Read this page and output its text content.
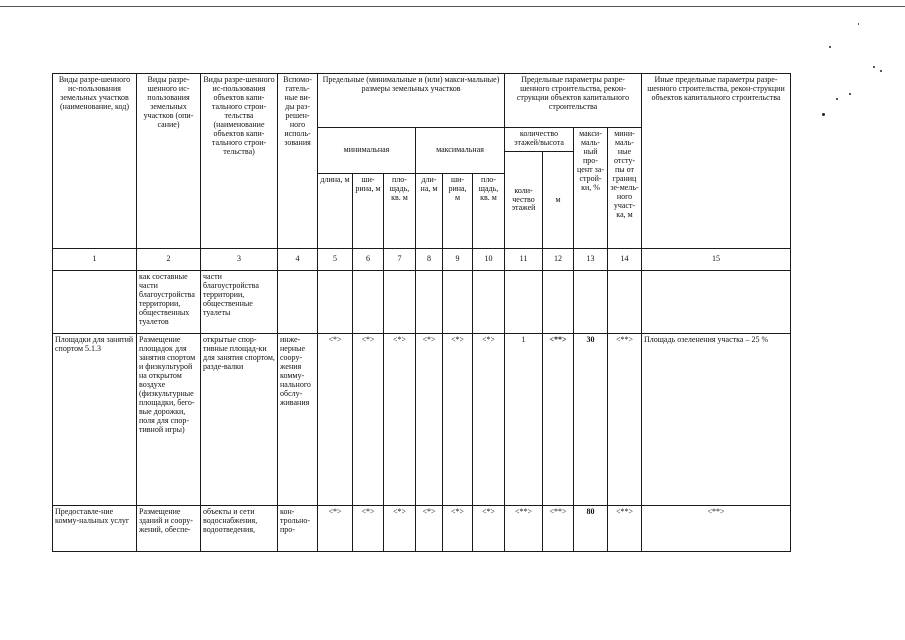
Виды разре-шенного ис-пользования земельных участков (наименование, код)	Виды разре-шенного ис-пользования земельных участков (опи-сание)	Виды разре-шенного ис-пользования объектов капи-тального строи-тельства (наименование объектов капи-тального строи-тельства)	Вспомо-гатель-ные ви-ды раз-решен-ного исполь-зования	Предельные (минимальные и (или) макси-мальные) размеры земельных участков						Предельные параметры разре-шенного строительства, рекон-струкции объектов капитального строительства				Иные предельные параметры разре-шенного строительства, рекон-струкции объектов капитального строительства
				минимальная			максимальная			количество этажей/высота		макси-маль-ный про-цент за-строй-ки, %	мини-маль-ные отсту-пы от границ зе-мель-ного участ-ка, м	
										коли-чество этажей	м			
				длина, м	ши-рина, м	пло-щадь, кв. м	дли-на, м	ши-рина, м	пло-щадь, кв. м					
1	2	3	4	5	6	7	8	9	10	11	12	13	14	15
	как составные части благоустройства территории, общественных туалетов	части благоустройства территории, общественные туалеты												
Площадки для занятий спортом 5.1.3	Размещение площадок для занятия спортом и физкультурой на открытом воздухе (физкультурные площадки, бего-вые дорожки, поля для спор-тивной игры)	открытые спор-тивные площад-ки для занятия спортом, разде-валки	инже-нерные соору-жения комму-нального обслу-живания	<*>	<*>	<*>	<*>	<*>	<*>	1	<**>	30	<**>	Площадь озеленения участка – 25 %
Предоставле-ние комму-нальных услуг	Размещение зданий и соору-жений, обеспе-	объекты и сети водоснабжения, водоотведения,	кон-трольно-про-	<*>	<*>	<*>	<*>	<*>	<*>	<**>	<**>	80	<**>	<**>
